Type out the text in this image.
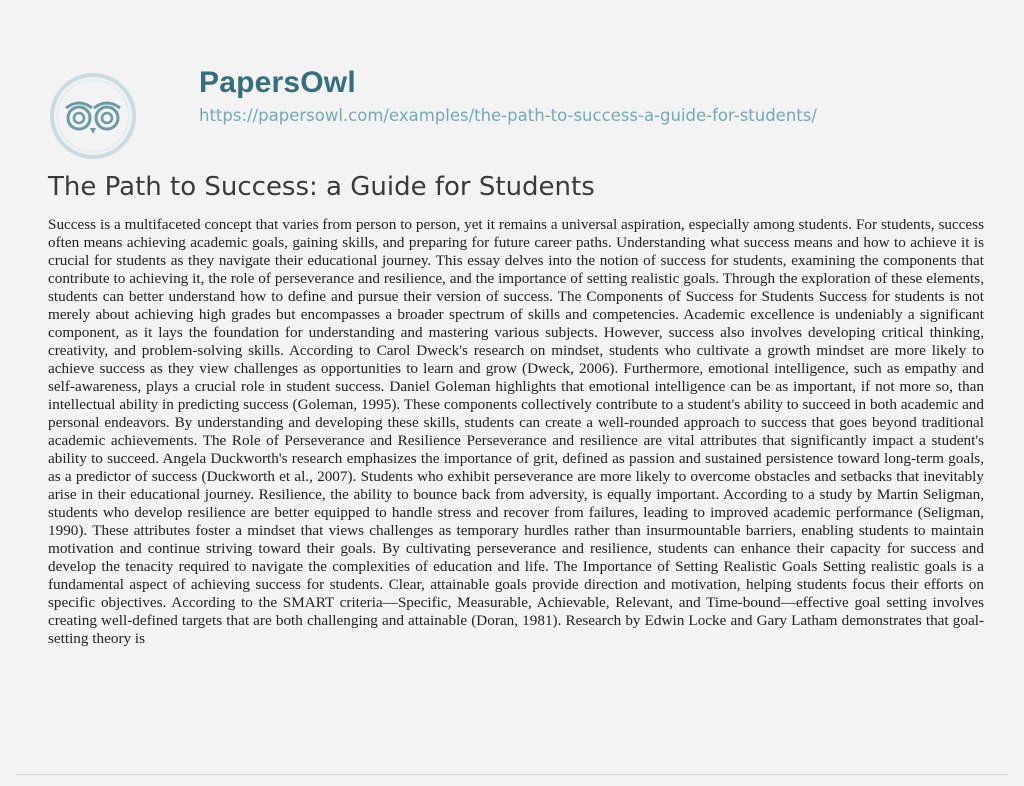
PapersOwl
https://papersowl.com/examples/the-path-to-success-a-guide-for-students/
The Path to Success: a Guide for Students

Success is a multifaceted concept that varies from person to person, yet it remains a universal aspiration, especially among students. For students, success often means achieving academic goals, gaining skills, and preparing for future career paths. Understanding what success means and how to achieve it is crucial for students as they navigate their educational journey. This essay delves into the notion of success for students, examining the components that contribute to achieving it, the role of perseverance and resilience, and the importance of setting realistic goals. Through the exploration of these elements, students can better understand how to define and pursue their version of success. The Components of Success for Students Success for students is not merely about achieving high grades but encompasses a broader spectrum of skills and competencies. Academic excellence is undeniably a significant component, as it lays the foundation for understanding and mastering various subjects. However, success also involves developing critical thinking, creativity, and problem-solving skills. According to Carol Dweck's research on mindset, students who cultivate a growth mindset are more likely to achieve success as they view challenges as opportunities to learn and grow (Dweck, 2006). Furthermore, emotional intelligence, such as empathy and self-awareness, plays a crucial role in student success. Daniel Goleman highlights that emotional intelligence can be as important, if not more so, than intellectual ability in predicting success (Goleman, 1995). These components collectively contribute to a student's ability to succeed in both academic and personal endeavors. By understanding and developing these skills, students can create a well-rounded approach to success that goes beyond traditional academic achievements. The Role of Perseverance and Resilience Perseverance and resilience are vital attributes that significantly impact a student's ability to succeed. Angela Duckworth's research emphasizes the importance of grit, defined as passion and sustained persistence toward long-term goals, as a predictor of success (Duckworth et al., 2007). Students who exhibit perseverance are more likely to overcome obstacles and setbacks that inevitably arise in their educational journey. Resilience, the ability to bounce back from adversity, is equally important. According to a study by Martin Seligman, students who develop resilience are better equipped to handle stress and recover from failures, leading to improved academic performance (Seligman, 1990). These attributes foster a mindset that views challenges as temporary hurdles rather than insurmountable barriers, enabling students to maintain motivation and continue striving toward their goals. By cultivating perseverance and resilience, students can enhance their capacity for success and develop the tenacity required to navigate the complexities of education and life. The Importance of Setting Realistic Goals Setting realistic goals is a fundamental aspect of achieving success for students. Clear, attainable goals provide direction and motivation, helping students focus their efforts on specific objectives. According to the SMART criteria—Specific, Measurable, Achievable, Relevant, and Time-bound—effective goal setting involves creating well-defined targets that are both challenging and attainable (Doran, 1981). Research by Edwin Locke and Gary Latham demonstrates that goal-setting theory is
